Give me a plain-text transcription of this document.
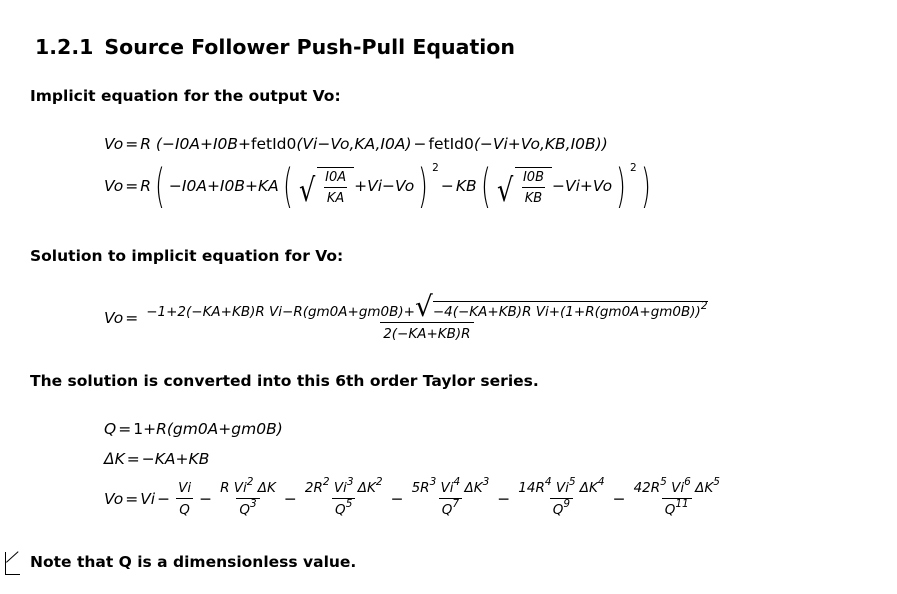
1.2.1 Source Follower Push-Pull Equation
Implicit equation for the output Vo:
Vo = R
(−I0A+I0B+ fetId0 (Vi−Vo,KA,I0A) − fetId0 (−Vi+Vo,KB,I0B))
Vo = R ( −I0A+I0B+KA ( √ $\frac{I0A}{KA} +Vi-Vo$ ) $^2$
− KB ( √ $\frac{I0B}{KB} -Vi+Vo$ ) $^2$ )
Solution to implicit equation for Vo:
Vo = −1+2(−KA+KB)R Vi−R(gm0A+gm0B)+ √ −4(−KA+KB)R $Vi+(1+R(gm0A+gm0B))^2$
2(−KA+KB)R
The solution is converted into this 6th order Taylor series.
Q = 1+ R(gm0A+gm0B)
ΔK = −KA+KB
$Vo = Vi - \frac{Vi}{Q} - \frac{R Vi^2 \Delta K}{Q^3} - \frac{2R^2 Vi^3 \Delta K^2}{Q^5} - \frac{5R^3 Vi^4 \Delta K^3}{Q^7} - \frac{14R^4 Vi^5 \Delta K^4}{Q^9} - \frac{42R^5 Vi^6 \Delta K^5}{Q^{11}}$
Note that Q is a dimensionless value.
